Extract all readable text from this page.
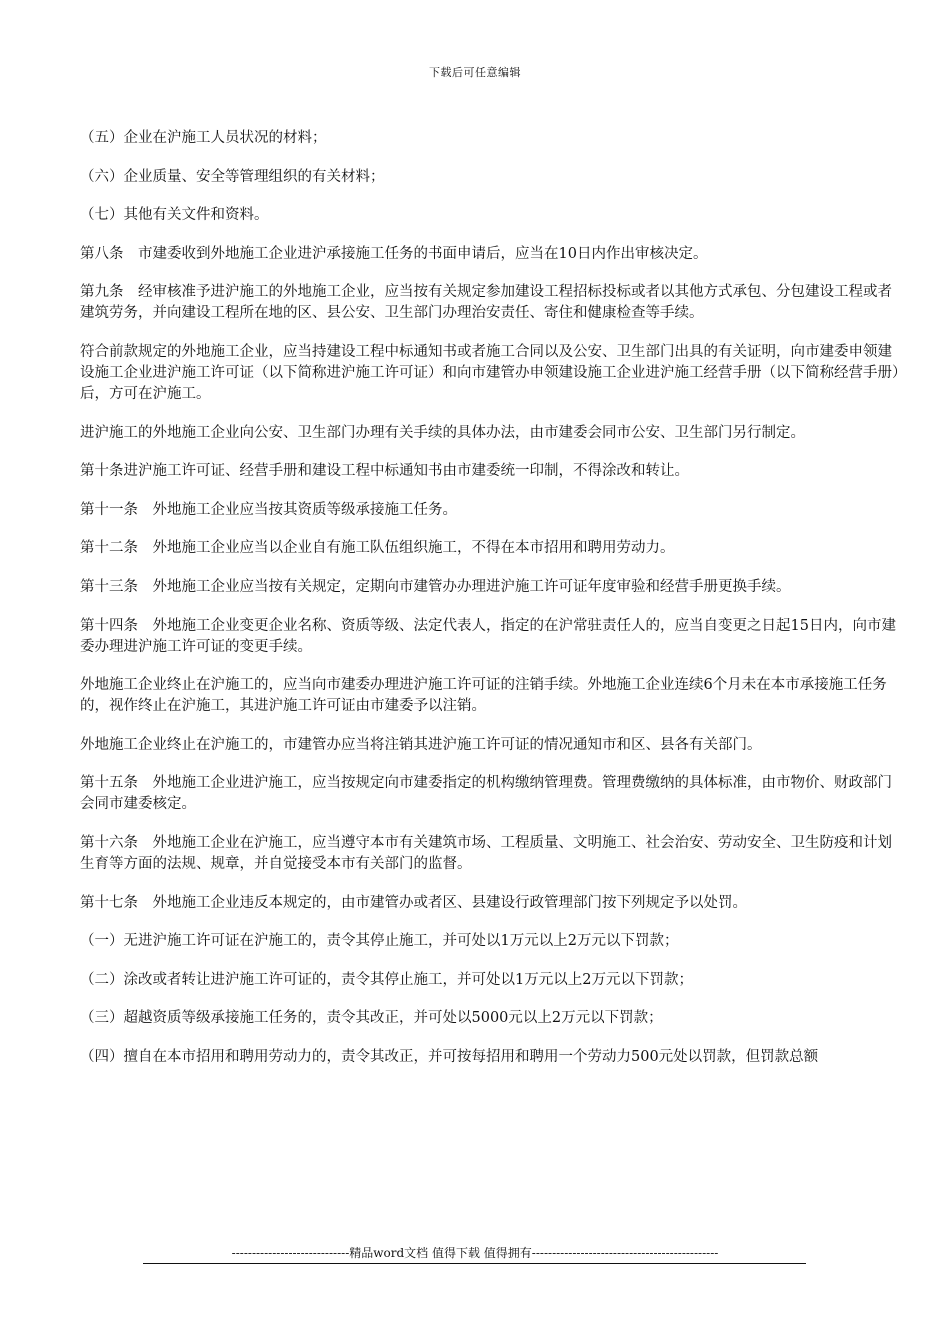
下载后可任意编辑

（五）企业在沪施工人员状况的材料；

（六）企业质量、安全等管理组织的有关材料；

（七）其他有关文件和资料。

第八条　市建委收到外地施工企业进沪承接施工任务的书面申请后，应当在10日内作出审核决定。

第九条　经审核准予进沪施工的外地施工企业，应当按有关规定参加建设工程招标投标或者以其他方式承包、分包建设工程或者建筑劳务，并向建设工程所在地的区、县公安、卫生部门办理治安责任、寄住和健康检查等手续。

符合前款规定的外地施工企业，应当持建设工程中标通知书或者施工合同以及公安、卫生部门出具的有关证明，向市建委申领建设施工企业进沪施工许可证（以下简称进沪施工许可证）和向市建管办申领建设施工企业进沪施工经营手册（以下简称经营手册）后，方可在沪施工。

进沪施工的外地施工企业向公安、卫生部门办理有关手续的具体办法，由市建委会同市公安、卫生部门另行制定。

第十条进沪施工许可证、经营手册和建设工程中标通知书由市建委统一印制，不得涂改和转让。

第十一条　外地施工企业应当按其资质等级承接施工任务。

第十二条　外地施工企业应当以企业自有施工队伍组织施工，不得在本市招用和聘用劳动力。

第十三条　外地施工企业应当按有关规定，定期向市建管办办理进沪施工许可证年度审验和经营手册更换手续。

第十四条　外地施工企业变更企业名称、资质等级、法定代表人，指定的在沪常驻责任人的，应当自变更之日起15日内，向市建委办理进沪施工许可证的变更手续。

外地施工企业终止在沪施工的，应当向市建委办理进沪施工许可证的注销手续。外地施工企业连续6个月未在本市承接施工任务的，视作终止在沪施工，其进沪施工许可证由市建委予以注销。

外地施工企业终止在沪施工的，市建管办应当将注销其进沪施工许可证的情况通知市和区、县各有关部门。

第十五条　外地施工企业进沪施工，应当按规定向市建委指定的机构缴纳管理费。管理费缴纳的具体标准，由市物价、财政部门会同市建委核定。

第十六条　外地施工企业在沪施工，应当遵守本市有关建筑市场、工程质量、文明施工、社会治安、劳动安全、卫生防疫和计划生育等方面的法规、规章，并自觉接受本市有关部门的监督。

第十七条　外地施工企业违反本规定的，由市建管办或者区、县建设行政管理部门按下列规定予以处罚。

（一）无进沪施工许可证在沪施工的，责令其停止施工，并可处以1万元以上2万元以下罚款；

（二）涂改或者转让进沪施工许可证的，责令其停止施工，并可处以1万元以上2万元以下罚款；

（三）超越资质等级承接施工任务的，责令其改正，并可处以5000元以上2万元以下罚款；

（四）擅自在本市招用和聘用劳动力的，责令其改正，并可按每招用和聘用一个劳动力500元处以罚款，但罚款总额

-----------------------------精品word文档 值得下载 值得拥有----------------------------------------------
